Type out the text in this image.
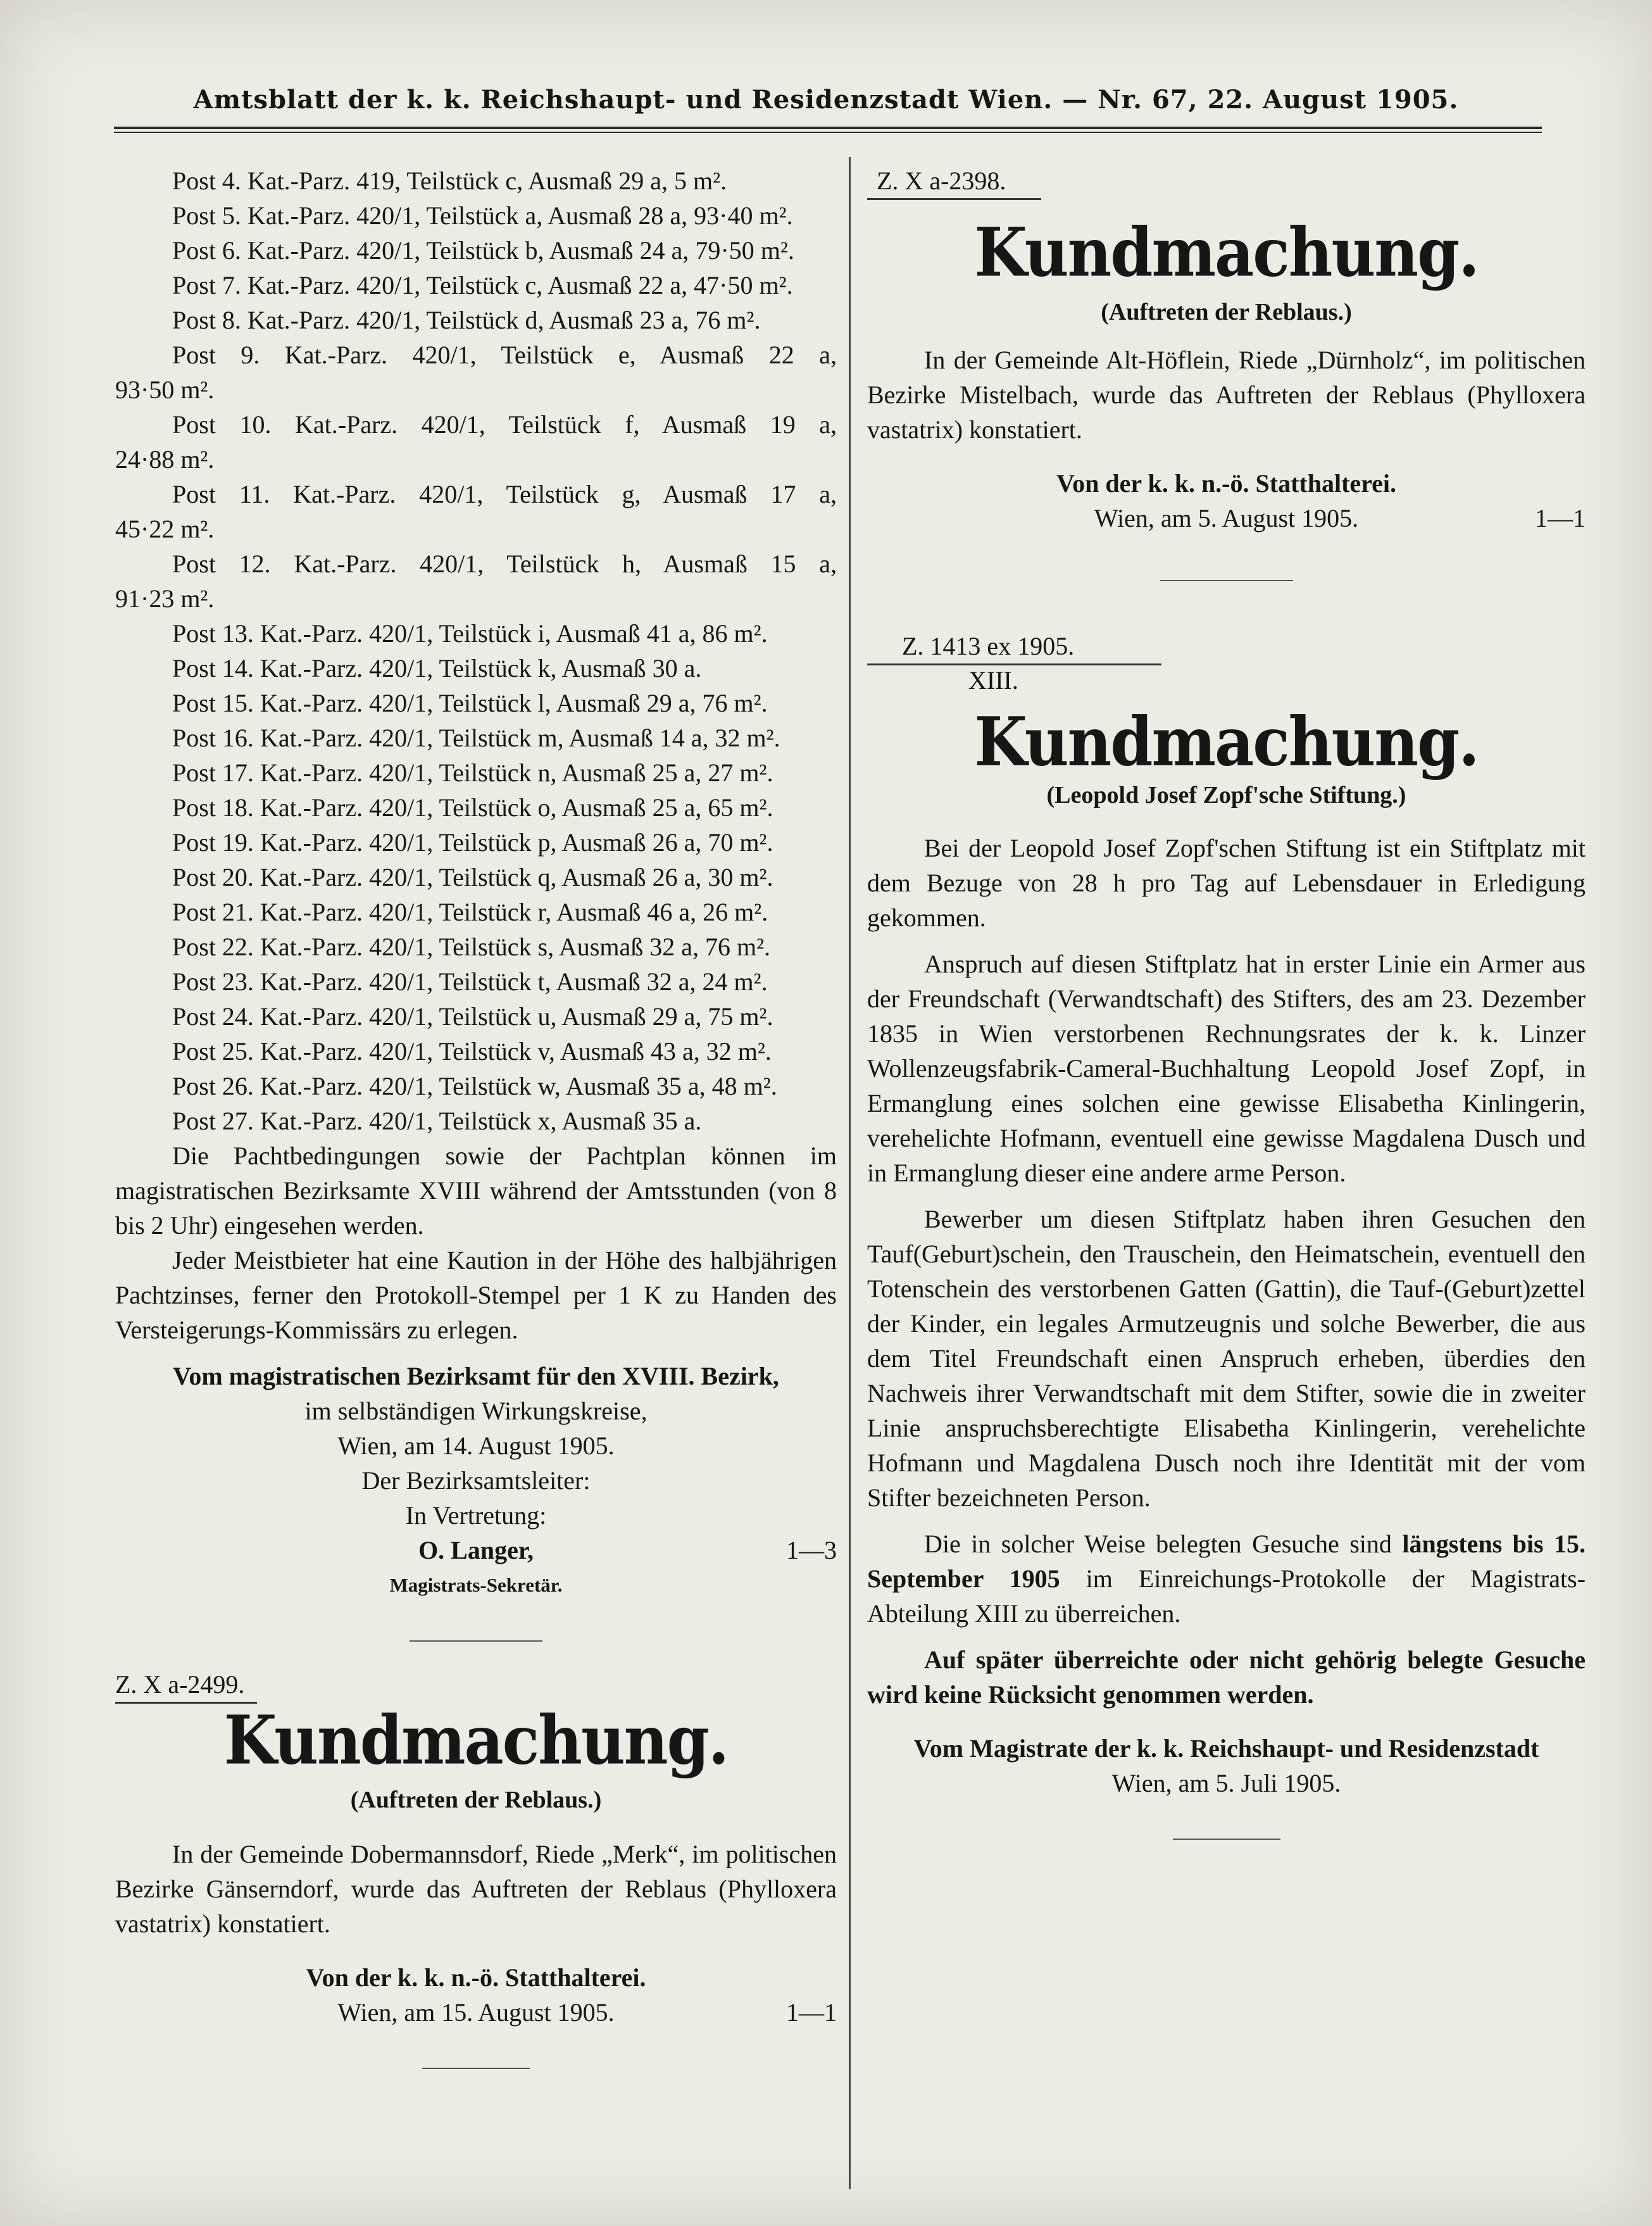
Amtsblatt der k. k. Reichshaupt- und Residenzstadt Wien. — Nr. 67, 22. August 1905.
Post 4. Kat.-Parz. 419, Teilstück c, Ausmaß 29 a, 5 m².
Post 5. Kat.-Parz. 420/1, Teilstück a, Ausmaß 28 a, 93·40 m².
Post 6. Kat.-Parz. 420/1, Teilstück b, Ausmaß 24 a, 79·50 m².
Post 7. Kat.-Parz. 420/1, Teilstück c, Ausmaß 22 a, 47·50 m².
Post 8. Kat.-Parz. 420/1, Teilstück d, Ausmaß 23 a, 76 m².
Post 9. Kat.-Parz. 420/1, Teilstück e, Ausmaß 22 a,
93·50 m².
Post 10. Kat.-Parz. 420/1, Teilstück f, Ausmaß 19 a,
24·88 m².
Post 11. Kat.-Parz. 420/1, Teilstück g, Ausmaß 17 a,
45·22 m².
Post 12. Kat.-Parz. 420/1, Teilstück h, Ausmaß 15 a,
91·23 m².
Post 13. Kat.-Parz. 420/1, Teilstück i, Ausmaß 41 a, 86 m².
Post 14. Kat.-Parz. 420/1, Teilstück k, Ausmaß 30 a.
Post 15. Kat.-Parz. 420/1, Teilstück l, Ausmaß 29 a, 76 m².
Post 16. Kat.-Parz. 420/1, Teilstück m, Ausmaß 14 a, 32 m².
Post 17. Kat.-Parz. 420/1, Teilstück n, Ausmaß 25 a, 27 m².
Post 18. Kat.-Parz. 420/1, Teilstück o, Ausmaß 25 a, 65 m².
Post 19. Kat.-Parz. 420/1, Teilstück p, Ausmaß 26 a, 70 m².
Post 20. Kat.-Parz. 420/1, Teilstück q, Ausmaß 26 a, 30 m².
Post 21. Kat.-Parz. 420/1, Teilstück r, Ausmaß 46 a, 26 m².
Post 22. Kat.-Parz. 420/1, Teilstück s, Ausmaß 32 a, 76 m².
Post 23. Kat.-Parz. 420/1, Teilstück t, Ausmaß 32 a, 24 m².
Post 24. Kat.-Parz. 420/1, Teilstück u, Ausmaß 29 a, 75 m².
Post 25. Kat.-Parz. 420/1, Teilstück v, Ausmaß 43 a, 32 m².
Post 26. Kat.-Parz. 420/1, Teilstück w, Ausmaß 35 a, 48 m².
Post 27. Kat.-Parz. 420/1, Teilstück x, Ausmaß 35 a.

Die Pachtbedingungen sowie der Pachtplan können im magistratischen Bezirksamte XVIII während der Amtsstunden (von 8 bis 2 Uhr) eingesehen werden.

Jeder Meistbieter hat eine Kaution in der Höhe des halbjährigen Pachtzinses, ferner den Protokoll-Stempel per 1 K zu Handen des Versteigerungs-Kommissärs zu erlegen.

Vom magistratischen Bezirksamt für den XVIII. Bezirk,
im selbständigen Wirkungskreise,
Wien, am 14. August 1905.
Der Bezirksamtsleiter:
In Vertretung:
O. Langer,	1—3
Magistrats-Sekretär.
Z. X a-2499.
Kundmachung.
(Auftreten der Reblaus.)

In der Gemeinde Dobermannsdorf, Riede „Merk“, im politischen Bezirke Gänserndorf, wurde das Auftreten der Reblaus (Phylloxera vastatrix) konstatiert.

Von der k. k. n.-ö. Statthalterei.
Wien, am 15. August 1905.	1—1
Z. X a-2398.
Kundmachung.
(Auftreten der Reblaus.)

In der Gemeinde Alt-Höflein, Riede „Dürnholz“, im politischen Bezirke Mistelbach, wurde das Auftreten der Reblaus (Phylloxera vastatrix) konstatiert.

Von der k. k. n.-ö. Statthalterei.
Wien, am 5. August 1905.	1—1
Z. 1413 ex 1905.
XIII.
Kundmachung.
(Leopold Josef Zopf'sche Stiftung.)

Bei der Leopold Josef Zopf'schen Stiftung ist ein Stiftplatz mit dem Bezuge von 28 h pro Tag auf Lebensdauer in Erledigung gekommen.

Anspruch auf diesen Stiftplatz hat in erster Linie ein Armer aus der Freundschaft (Verwandtschaft) des Stifters, des am 23. Dezember 1835 in Wien verstorbenen Rechnungsrates der k. k. Linzer Wollenzeugsfabrik-Cameral-Buchhaltung Leopold Josef Zopf, in Ermanglung eines solchen eine gewisse Elisabetha Kinlingerin, verehelichte Hofmann, eventuell eine gewisse Magdalena Dusch und in Ermanglung dieser eine andere arme Person.

Bewerber um diesen Stiftplatz haben ihren Gesuchen den Tauf(Geburt)schein, den Trauschein, den Heimatschein, eventuell den Totenschein des verstorbenen Gatten (Gattin), die Tauf-(Geburt)zettel der Kinder, ein legales Armutzeugnis und solche Bewerber, die aus dem Titel Freundschaft einen Anspruch erheben, überdies den Nachweis ihrer Verwandtschaft mit dem Stifter, sowie die in zweiter Linie anspruchsberechtigte Elisabetha Kinlingerin, verehelichte Hofmann und Magdalena Dusch noch ihre Identität mit der vom Stifter bezeichneten Person.

Die in solcher Weise belegten Gesuche sind längstens bis 15. September 1905 im Einreichungs-Protokolle der Magistrats-Abteilung XIII zu überreichen.

Auf später überreichte oder nicht gehörig belegte Gesuche wird keine Rücksicht genommen werden.

Vom Magistrate der k. k. Reichshaupt- und Residenzstadt
Wien, am 5. Juli 1905.
